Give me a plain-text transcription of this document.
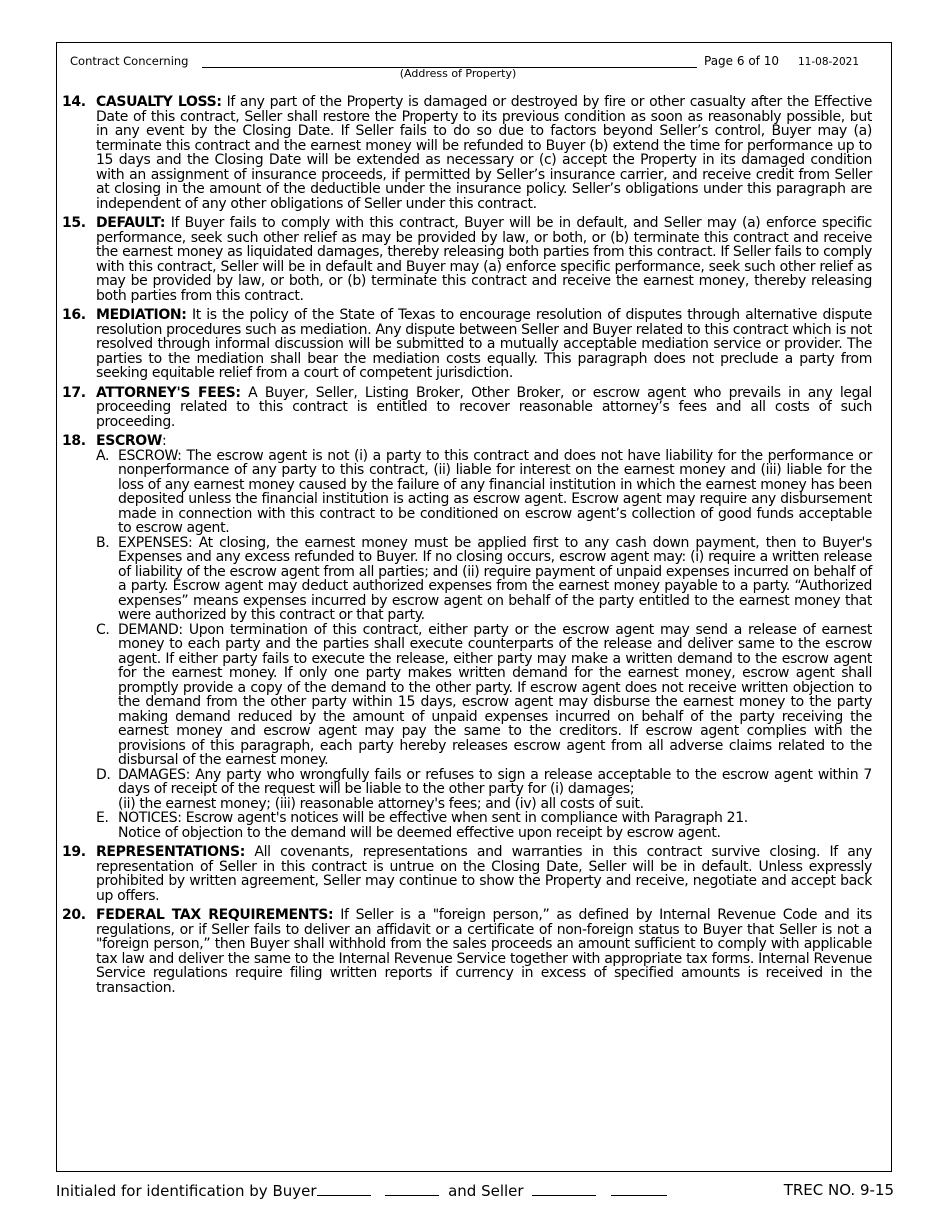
Contract Concerning
(Address of Property)
Page 6 of 10 11-08-2021
14. CASUALTY LOSS: If any part of the Property is damaged or destroyed by fire or other casualty after the Effective Date of this contract, Seller shall restore the Property to its previous condition as soon as reasonably possible, but in any event by the Closing Date. If Seller fails to do so due to factors beyond Seller’s control, Buyer may (a) terminate this contract and the earnest money will be refunded to Buyer (b) extend the time for performance up to 15 days and the Closing Date will be extended as necessary or (c) accept the Property in its damaged condition with an assignment of insurance proceeds, if permitted by Seller’s insurance carrier, and receive credit from Seller at closing in the amount of the deductible under the insurance policy. Seller’s obligations under this paragraph are independent of any other obligations of Seller under this contract.
15. DEFAULT: If Buyer fails to comply with this contract, Buyer will be in default, and Seller may (a) enforce specific performance, seek such other relief as may be provided by law, or both, or (b) terminate this contract and receive the earnest money as liquidated damages, thereby releasing both parties from this contract. If Seller fails to comply with this contract, Seller will be in default and Buyer may (a) enforce specific performance, seek such other relief as may be provided by law, or both, or (b) terminate this contract and receive the earnest money, thereby releasing both parties from this contract.
16. MEDIATION: It is the policy of the State of Texas to encourage resolution of disputes through alternative dispute resolution procedures such as mediation. Any dispute between Seller and Buyer related to this contract which is not resolved through informal discussion will be submitted to a mutually acceptable mediation service or provider. The parties to the mediation shall bear the mediation costs equally. This paragraph does not preclude a party from seeking equitable relief from a court of competent jurisdiction.
17. ATTORNEY'S FEES: A Buyer, Seller, Listing Broker, Other Broker, or escrow agent who prevails in any legal proceeding related to this contract is entitled to recover reasonable attorney’s fees and all costs of such proceeding.
18. ESCROW:
A. ESCROW: The escrow agent is not (i) a party to this contract and does not have liability for the performance or nonperformance of any party to this contract, (ii) liable for interest on the earnest money and (iii) liable for the loss of any earnest money caused by the failure of any financial institution in which the earnest money has been deposited unless the financial institution is acting as escrow agent. Escrow agent may require any disbursement made in connection with this contract to be conditioned on escrow agent’s collection of good funds acceptable to escrow agent.
B. EXPENSES: At closing, the earnest money must be applied first to any cash down payment, then to Buyer's Expenses and any excess refunded to Buyer. If no closing occurs, escrow agent may: (i) require a written release of liability of the escrow agent from all parties; and (ii) require payment of unpaid expenses incurred on behalf of a party. Escrow agent may deduct authorized expenses from the earnest money payable to a party. “Authorized expenses” means expenses incurred by escrow agent on behalf of the party entitled to the earnest money that were authorized by this contract or that party.
C. DEMAND: Upon termination of this contract, either party or the escrow agent may send a release of earnest money to each party and the parties shall execute counterparts of the release and deliver same to the escrow agent. If either party fails to execute the release, either party may make a written demand to the escrow agent for the earnest money. If only one party makes written demand for the earnest money, escrow agent shall promptly provide a copy of the demand to the other party. If escrow agent does not receive written objection to the demand from the other party within 15 days, escrow agent may disburse the earnest money to the party making demand reduced by the amount of unpaid expenses incurred on behalf of the party receiving the earnest money and escrow agent may pay the same to the creditors. If escrow agent complies with the provisions of this paragraph, each party hereby releases escrow agent from all adverse claims related to the disbursal of the earnest money.
D. DAMAGES: Any party who wrongfully fails or refuses to sign a release acceptable to the escrow agent within 7 days of receipt of the request will be liable to the other party for (i) damages;
(ii) the earnest money; (iii) reasonable attorney's fees; and (iv) all costs of suit.
E. NOTICES: Escrow agent's notices will be effective when sent in compliance with Paragraph 21.
Notice of objection to the demand will be deemed effective upon receipt by escrow agent.
19. REPRESENTATIONS: All covenants, representations and warranties in this contract survive closing. If any representation of Seller in this contract is untrue on the Closing Date, Seller will be in default. Unless expressly prohibited by written agreement, Seller may continue to show the Property and receive, negotiate and accept back up offers.
20. FEDERAL TAX REQUIREMENTS: If Seller is a "foreign person,” as defined by Internal Revenue Code and its regulations, or if Seller fails to deliver an affidavit or a certificate of non-foreign status to Buyer that Seller is not a "foreign person,” then Buyer shall withhold from the sales proceeds an amount sufficient to comply with applicable tax law and deliver the same to the Internal Revenue Service together with appropriate tax forms. Internal Revenue Service regulations require filing written reports if currency in excess of specified amounts is received in the transaction.
Initialed for identification by Buyer	and Seller	TREC NO. 9-15
